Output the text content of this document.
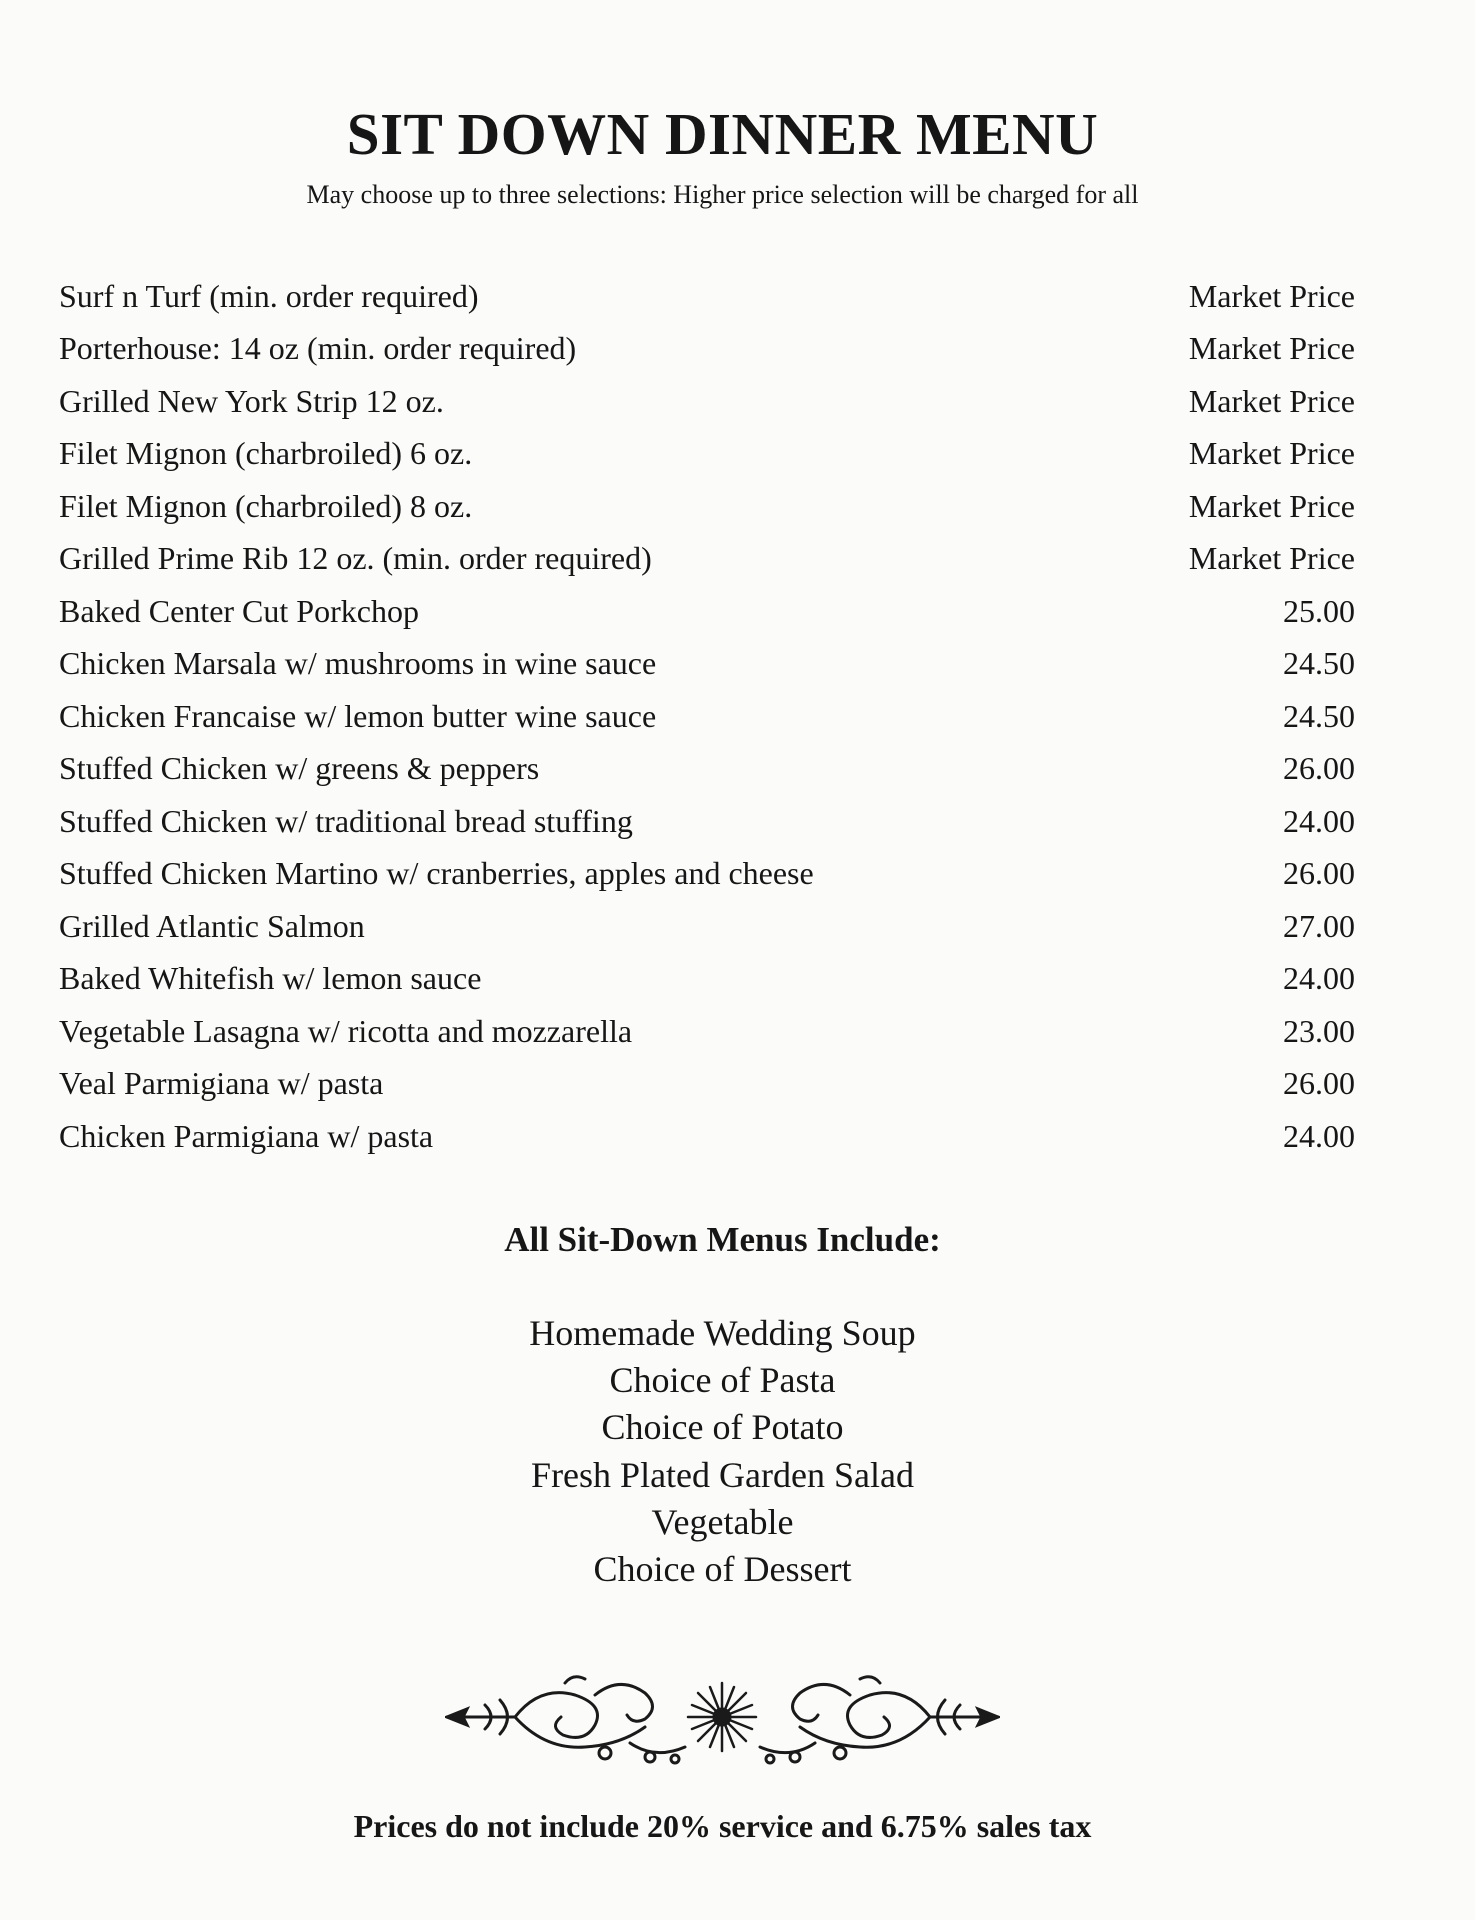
SIT DOWN DINNER MENU
May choose up to three selections: Higher price selection will be charged for all
Surf n Turf (min. order required)	Market Price
Porterhouse: 14 oz (min. order required)	Market Price
Grilled New York Strip 12 oz.	Market Price
Filet Mignon (charbroiled) 6 oz.	Market Price
Filet Mignon (charbroiled) 8 oz.	Market Price
Grilled Prime Rib 12 oz. (min. order required)	Market Price
Baked Center Cut Porkchop	25.00
Chicken Marsala w/ mushrooms in wine sauce	24.50
Chicken Francaise w/ lemon butter wine sauce	24.50
Stuffed Chicken w/ greens & peppers	26.00
Stuffed Chicken w/ traditional bread stuffing	24.00
Stuffed Chicken Martino w/ cranberries, apples and cheese	26.00
Grilled Atlantic Salmon	27.00
Baked Whitefish w/ lemon sauce	24.00
Vegetable Lasagna w/ ricotta and mozzarella	23.00
Veal Parmigiana w/ pasta	26.00
Chicken Parmigiana w/ pasta	24.00
All Sit-Down Menus Include:
Homemade Wedding Soup
Choice of Pasta
Choice of Potato
Fresh Plated Garden Salad
Vegetable
Choice of Dessert
Prices do not include 20% service and 6.75% sales tax
